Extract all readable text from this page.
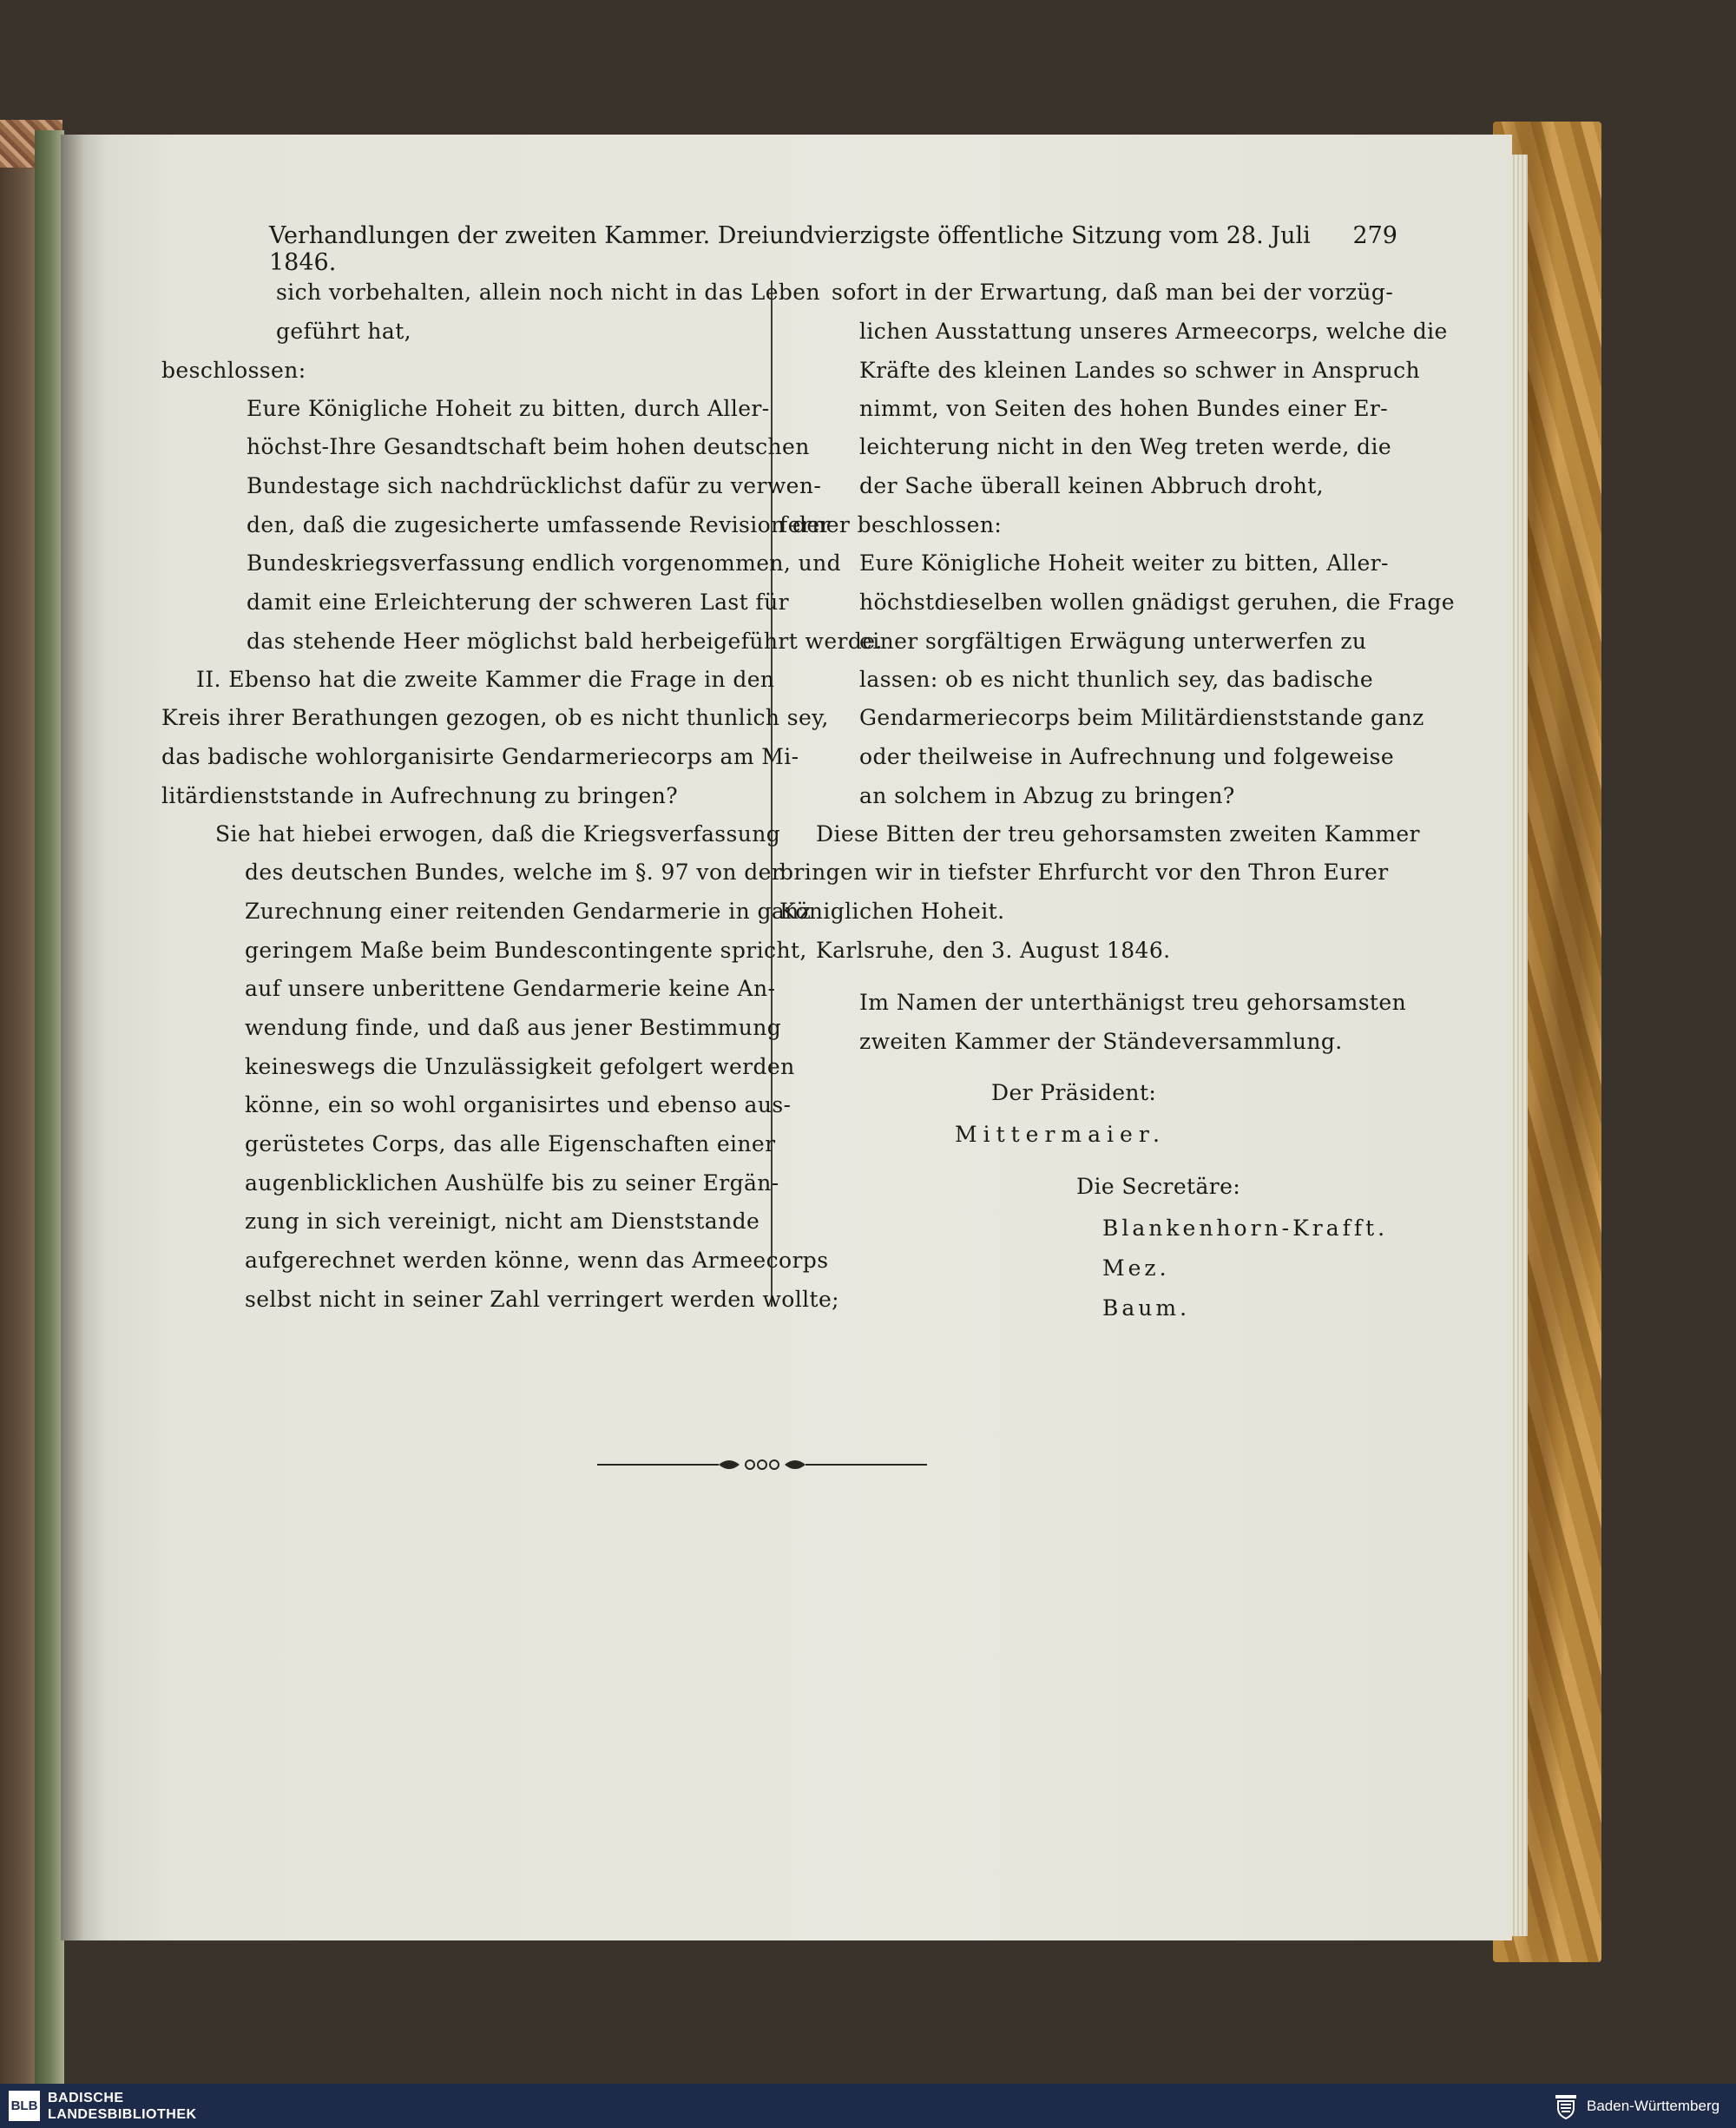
Verhandlungen der zweiten Kammer. Dreiundvierzigste öffentliche Sitzung vom 28. Juli 1846.
279
sich vorbehalten, allein noch nicht in das Leben
geführt hat,
beschlossen:
Eure Königliche Hoheit zu bitten, durch Aller-
höchst-Ihre Gesandtschaft beim hohen deutschen
Bundestage sich nachdrücklichst dafür zu verwen-
den, daß die zugesicherte umfassende Revision der
Bundeskriegsverfassung endlich vorgenommen, und
damit eine Erleichterung der schweren Last für
das stehende Heer möglichst bald herbeigeführt werde.
II. Ebenso hat die zweite Kammer die Frage in den
Kreis ihrer Berathungen gezogen, ob es nicht thunlich sey,
das badische wohlorganisirte Gendarmeriecorps am Mi-
litärdienststande in Aufrechnung zu bringen?
Sie hat hiebei erwogen, daß die Kriegsverfassung
des deutschen Bundes, welche im §. 97 von der
Zurechnung einer reitenden Gendarmerie in ganz
geringem Maße beim Bundescontingente spricht,
auf unsere unberittene Gendarmerie keine An-
wendung finde, und daß aus jener Bestimmung
keineswegs die Unzulässigkeit gefolgert werden
könne, ein so wohl organisirtes und ebenso aus-
gerüstetes Corps, das alle Eigenschaften einer
augenblicklichen Aushülfe bis zu seiner Ergän-
zung in sich vereinigt, nicht am Dienststande
aufgerechnet werden könne, wenn das Armeecorps
selbst nicht in seiner Zahl verringert werden wollte;
sofort in der Erwartung, daß man bei der vorzüg-
lichen Ausstattung unseres Armeecorps, welche die
Kräfte des kleinen Landes so schwer in Anspruch
nimmt, von Seiten des hohen Bundes einer Er-
leichterung nicht in den Weg treten werde, die
der Sache überall keinen Abbruch droht,
ferner beschlossen:
Eure Königliche Hoheit weiter zu bitten, Aller-
höchstdieselben wollen gnädigst geruhen, die Frage
einer sorgfältigen Erwägung unterwerfen zu
lassen: ob es nicht thunlich sey, das badische
Gendarmeriecorps beim Militärdienststande ganz
oder theilweise in Aufrechnung und folgeweise
an solchem in Abzug zu bringen?
Diese Bitten der treu gehorsamsten zweiten Kammer
bringen wir in tiefster Ehrfurcht vor den Thron Eurer
Königlichen Hoheit.
Karlsruhe, den 3. August 1846.
Im Namen der unterthänigst treu gehorsamsten
zweiten Kammer der Ständeversammlung.
Der Präsident:
Mittermaier.
Die Secretäre:
Blankenhorn-Krafft.
Mez.
Baum.
BLB
BADISCHE
LANDESBIBLIOTHEK
Baden-Württemberg
